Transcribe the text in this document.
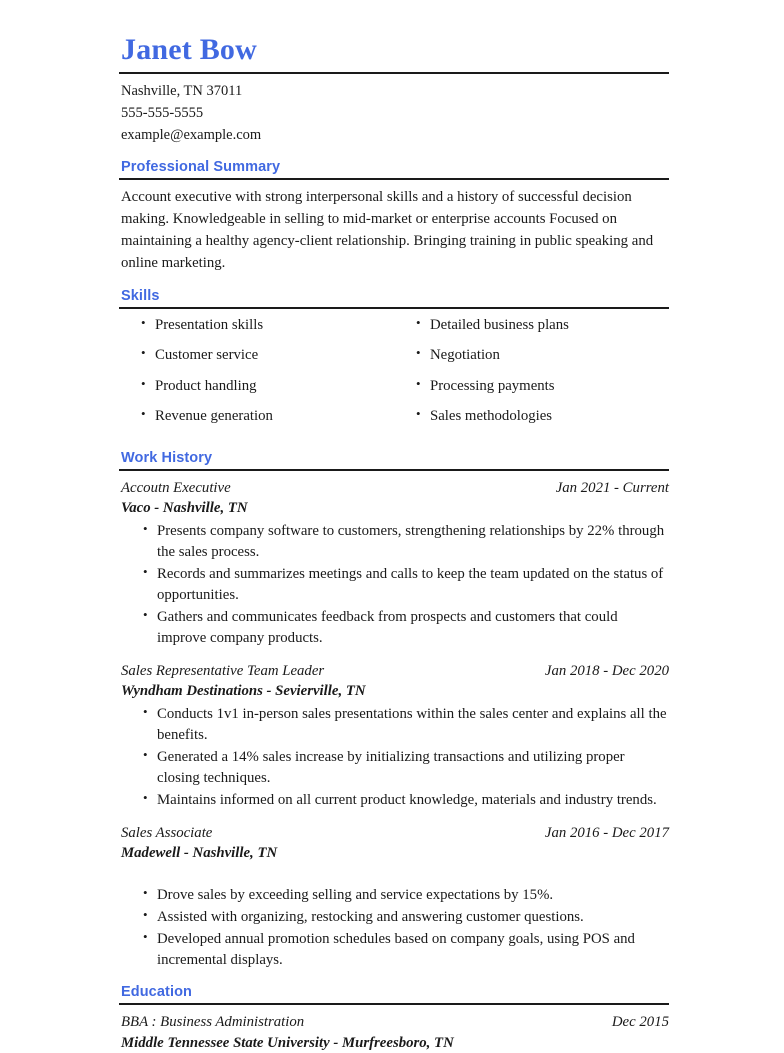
Janet Bow
Nashville, TN 37011
555-555-5555
example@example.com
Professional Summary

Account executive with strong interpersonal skills and a history of successful decision making. Knowledgeable in selling to mid-market or enterprise accounts Focused on maintaining a healthy agency-client relationship. Bringing training in public speaking and online marketing.

Skills
• Presentation skills
• Customer service
• Product handling
• Revenue generation
• Detailed business plans
• Negotiation
• Processing payments
• Sales methodologies
Work History
Accoutn Executive	Jan 2021 - Current
Vaco - Nashville, TN
• Presents company software to customers, strengthening relationships by 22% through the sales process.
• Records and summarizes meetings and calls to keep the team updated on the status of opportunities.
• Gathers and communicates feedback from prospects and customers that could improve company products.
Sales Representative Team Leader	Jan 2018 - Dec 2020
Wyndham Destinations - Sevierville, TN
• Conducts 1v1 in-person sales presentations within the sales center and explains all the benefits.
• Generated a 14% sales increase by initializing transactions and utilizing proper closing techniques.
• Maintains informed on all current product knowledge, materials and industry trends.
Sales Associate	Jan 2016 - Dec 2017
Madewell - Nashville, TN
• Drove sales by exceeding selling and service expectations by 15%.
• Assisted with organizing, restocking and answering customer questions.
• Developed annual promotion schedules based on company goals, using POS and incremental displays.
Education
BBA : Business Administration	Dec 2015
Middle Tennessee State University - Murfreesboro, TN
